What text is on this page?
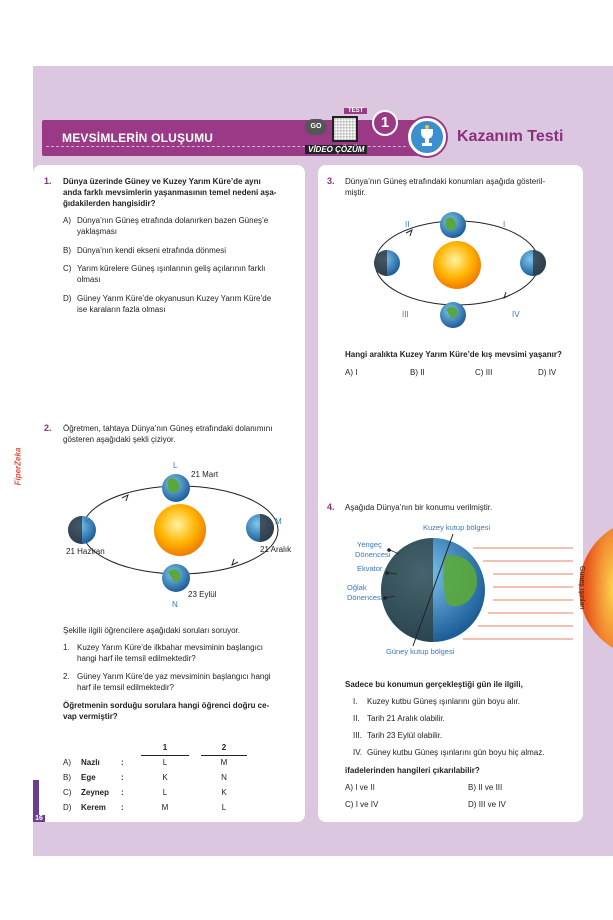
MEVSİMLERİN OLUŞUMU
GO
VİDEO ÇÖZÜM
TEST
1
Kazanım Testi
FiperZeka
16
1. Dünya üzerinde Güney ve Kuzey Yarım Küre’de aynı
anda farklı mevsimlerin yaşanmasının temel nedeni aşa-
ğıdakilerden hangisidir?
A) Dünya’nın Güneş etrafında dolanırken bazen Güneş’e
yaklaşması
B) Dünya’nın kendi ekseni etrafında dönmesi
C) Yarım kürelere Güneş ışınlarının geliş açılarının farklı
olması
D) Güney Yarım Küre’de okyanusun Kuzey Yarım Küre’de
ise karaların fazla olması
2. Öğretmen, tahtaya Dünya’nın Güneş etrafındaki dolanımını
gösteren aşağıdaki şekli çiziyor.
L
21 Mart
K
21 Haziran
M
21 Aralık
N
23 Eylül
Şekille ilgili öğrencilere aşağıdaki soruları soruyor.
1. Kuzey Yarım Küre’de ilkbahar mevsiminin başlangıcı
hangi harf ile temsil edilmektedir?
2. Güney Yarım Küre’de yaz mevsiminin başlangıcı hangi
harf ile temsil edilmektedir?
Öğretmenin sorduğu sorulara hangi öğrenci doğru ce-
vap vermiştir?
			1		2
A)	Nazlı	:	L		M
B)	Ege	:	K		N
C)	Zeynep	:	L		K
D)	Kerem	:	M		L
3. Dünya’nın Güneş etrafındaki konumları aşağıda gösteril-
miştir.
II	I
III	IV
Hangi aralıkta Kuzey Yarım Küre’de kış mevsimi yaşanır?
A) I	B) II	C) III	D) IV
4. Aşağıda Dünya’nın bir konumu verilmiştir.
Kuzey kutup bölgesi
Yengeç
Dönencesi
Ekvator
Oğlak
Dönencesi
Güney kutup bölgesi
Güneş ışınları
Sadece bu konumun gerçekleştiği gün ile ilgili,
I. Kuzey kutbu Güneş ışınlarını gün boyu alır.
II. Tarih 21 Aralık olabilir.
III. Tarih 23 Eylül olabilir.
IV. Güney kutbu Güneş ışınlarını gün boyu hiç almaz.
ifadelerinden hangileri çıkarılabilir?
A) I ve II	B) II ve III
C) I ve IV	D) III ve IV
